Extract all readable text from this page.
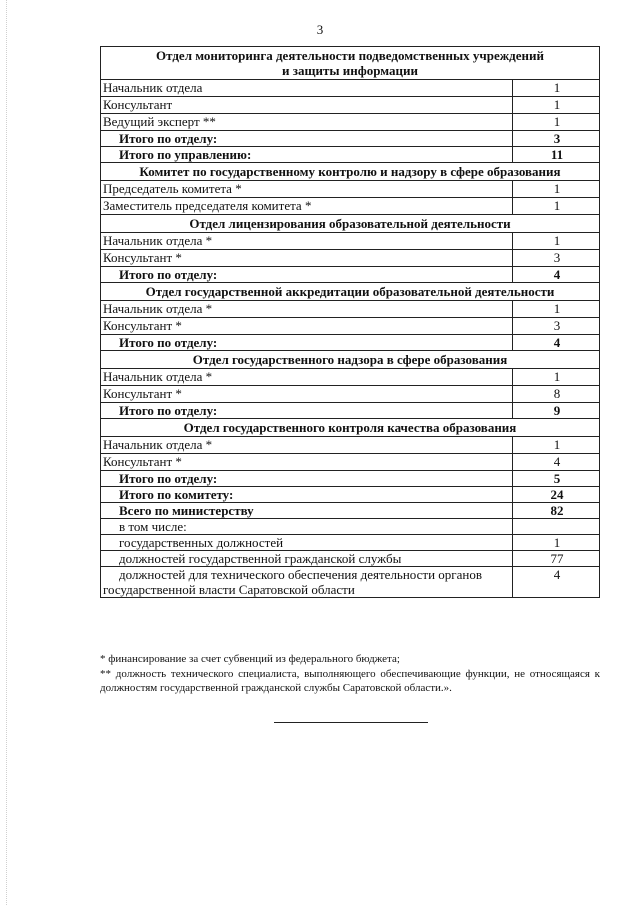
3
Отдел мониторинга деятельности подведомственных учреждений
и защиты информации	

Начальник отдела	1
Консультант	1
Ведущий эксперт **	1
Итого по отделу:	3
Итого по управлению:	11

Комитет по государственному контролю и надзору в сфере образования	

Председатель комитета *	1
Заместитель председателя комитета *	1

Отдел лицензирования образовательной деятельности	

Начальник отдела *	1
Консультант *	3
Итого по отделу:	4

Отдел государственной аккредитации образовательной деятельности	

Начальник отдела *	1
Консультант *	3
Итого по отделу:	4

Отдел государственного надзора в сфере образования	

Начальник отдела *	1
Консультант *	8
Итого по отделу:	9

Отдел государственного контроля качества образования	

Начальник отдела *	1
Консультант *	4
Итого по отделу:	5
Итого по комитету:	24
Всего по министерству	82
в том числе:	
государственных должностей	1
должностей государственной гражданской службы	77

должностей для технического обеспечения деятельности органов
государственной власти Саратовской области	4

* финансирование за счет субвенций из федерального бюджета;

** должность технического специалиста, выполняющего обеспечивающие функции, не относящаяся к должностям государственной гражданской службы Саратовской области.».
